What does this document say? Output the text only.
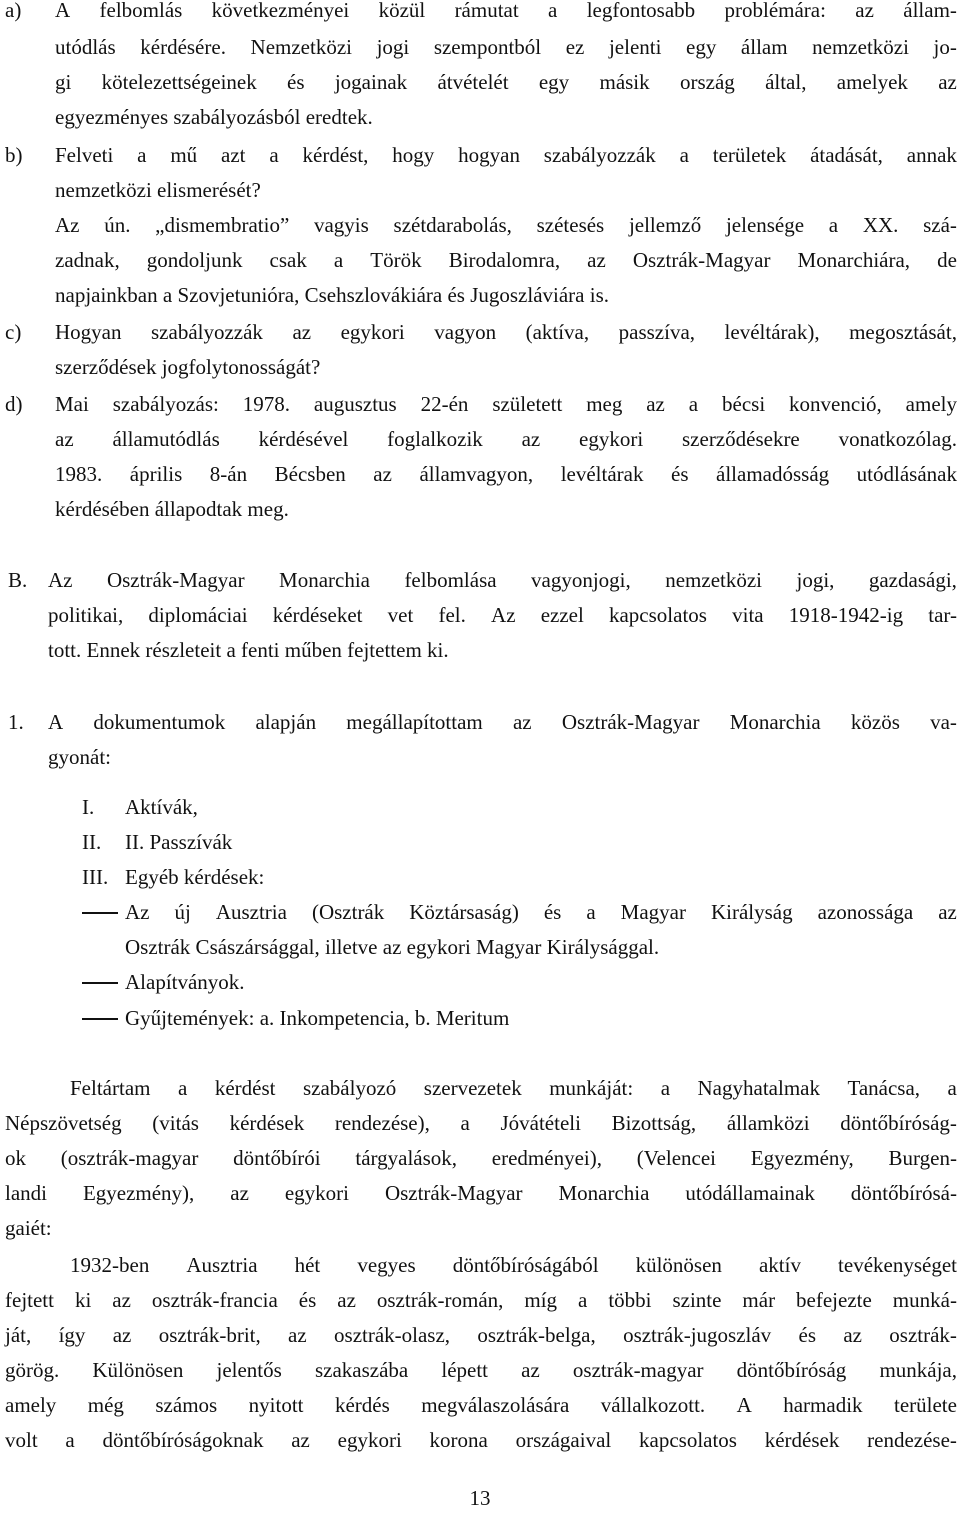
a) A felbomlás következményei közül rámutat a legfontosabb problémára: az állam-
utódlás kérdésére. Nemzetközi jogi szempontból ez jelenti egy állam nemzetközi jo-
gi kötelezettségeinek és jogainak átvételét egy másik ország által, amelyek az
egyezményes szabályozásból eredtek.
b) Felveti a mű azt a kérdést, hogy hogyan szabályozzák a területek átadását, annak
nemzetközi elismerését?
Az ún. „dismembratio” vagyis szétdarabolás, szétesés jellemző jelensége a XX. szá-
zadnak, gondoljunk csak a Török Birodalomra, az Osztrák-Magyar Monarchiára, de
napjainkban a Szovjetunióra, Csehszlovákiára és Jugoszláviára is.
c) Hogyan szabályozzák az egykori vagyon (aktíva, passzíva, levéltárak), megosztását,
szerződések jogfolytonosságát?
d) Mai szabályozás: 1978. augusztus 22-én született meg az a bécsi konvenció, amely
az államutódlás kérdésével foglalkozik az egykori szerződésekre vonatkozólag.
1983. április 8-án Bécsben az államvagyon, levéltárak és államadósság utódlásának
kérdésében állapodtak meg.
B. Az Osztrák-Magyar Monarchia felbomlása vagyonjogi, nemzetközi jogi, gazdasági,
politikai, diplomáciai kérdéseket vet fel. Az ezzel kapcsolatos vita 1918-1942-ig tar-
tott. Ennek részleteit a fenti műben fejtettem ki.
1. A dokumentumok alapján megállapítottam az Osztrák-Magyar Monarchia közös va-
gyonát:
I. Aktívák,
II. II. Passzívák
III. Egyéb kérdések:
Az új Ausztria (Osztrák Köztársaság) és a Magyar Királyság azonossága az
Osztrák Császársággal, illetve az egykori Magyar Királysággal.
Alapítványok.
Gyűjtemények: a. Inkompetencia, b. Meritum
Feltártam a kérdést szabályozó szervezetek munkáját: a Nagyhatalmak Tanácsa, a
Népszövetség (vitás kérdések rendezése), a Jóvátételi Bizottság, államközi döntőbíróság-
ok (osztrák-magyar döntőbírói tárgyalások, eredményei), (Velencei Egyezmény, Burgen-
landi Egyezmény), az egykori Osztrák-Magyar Monarchia utódállamainak döntőbírósá-
gaiét:
1932-ben Ausztria hét vegyes döntőbíróságából különösen aktív tevékenységet
fejtett ki az osztrák-francia és az osztrák-román, míg a többi szinte már befejezte munká-
ját, így az osztrák-brit, az osztrák-olasz, osztrák-belga, osztrák-jugoszláv és az osztrák-
görög. Különösen jelentős szakaszába lépett az osztrák-magyar döntőbíróság munkája,
amely még számos nyitott kérdés megválaszolására vállalkozott. A harmadik területe
volt a döntőbíróságoknak az egykori korona országaival kapcsolatos kérdések rendezése-
13
